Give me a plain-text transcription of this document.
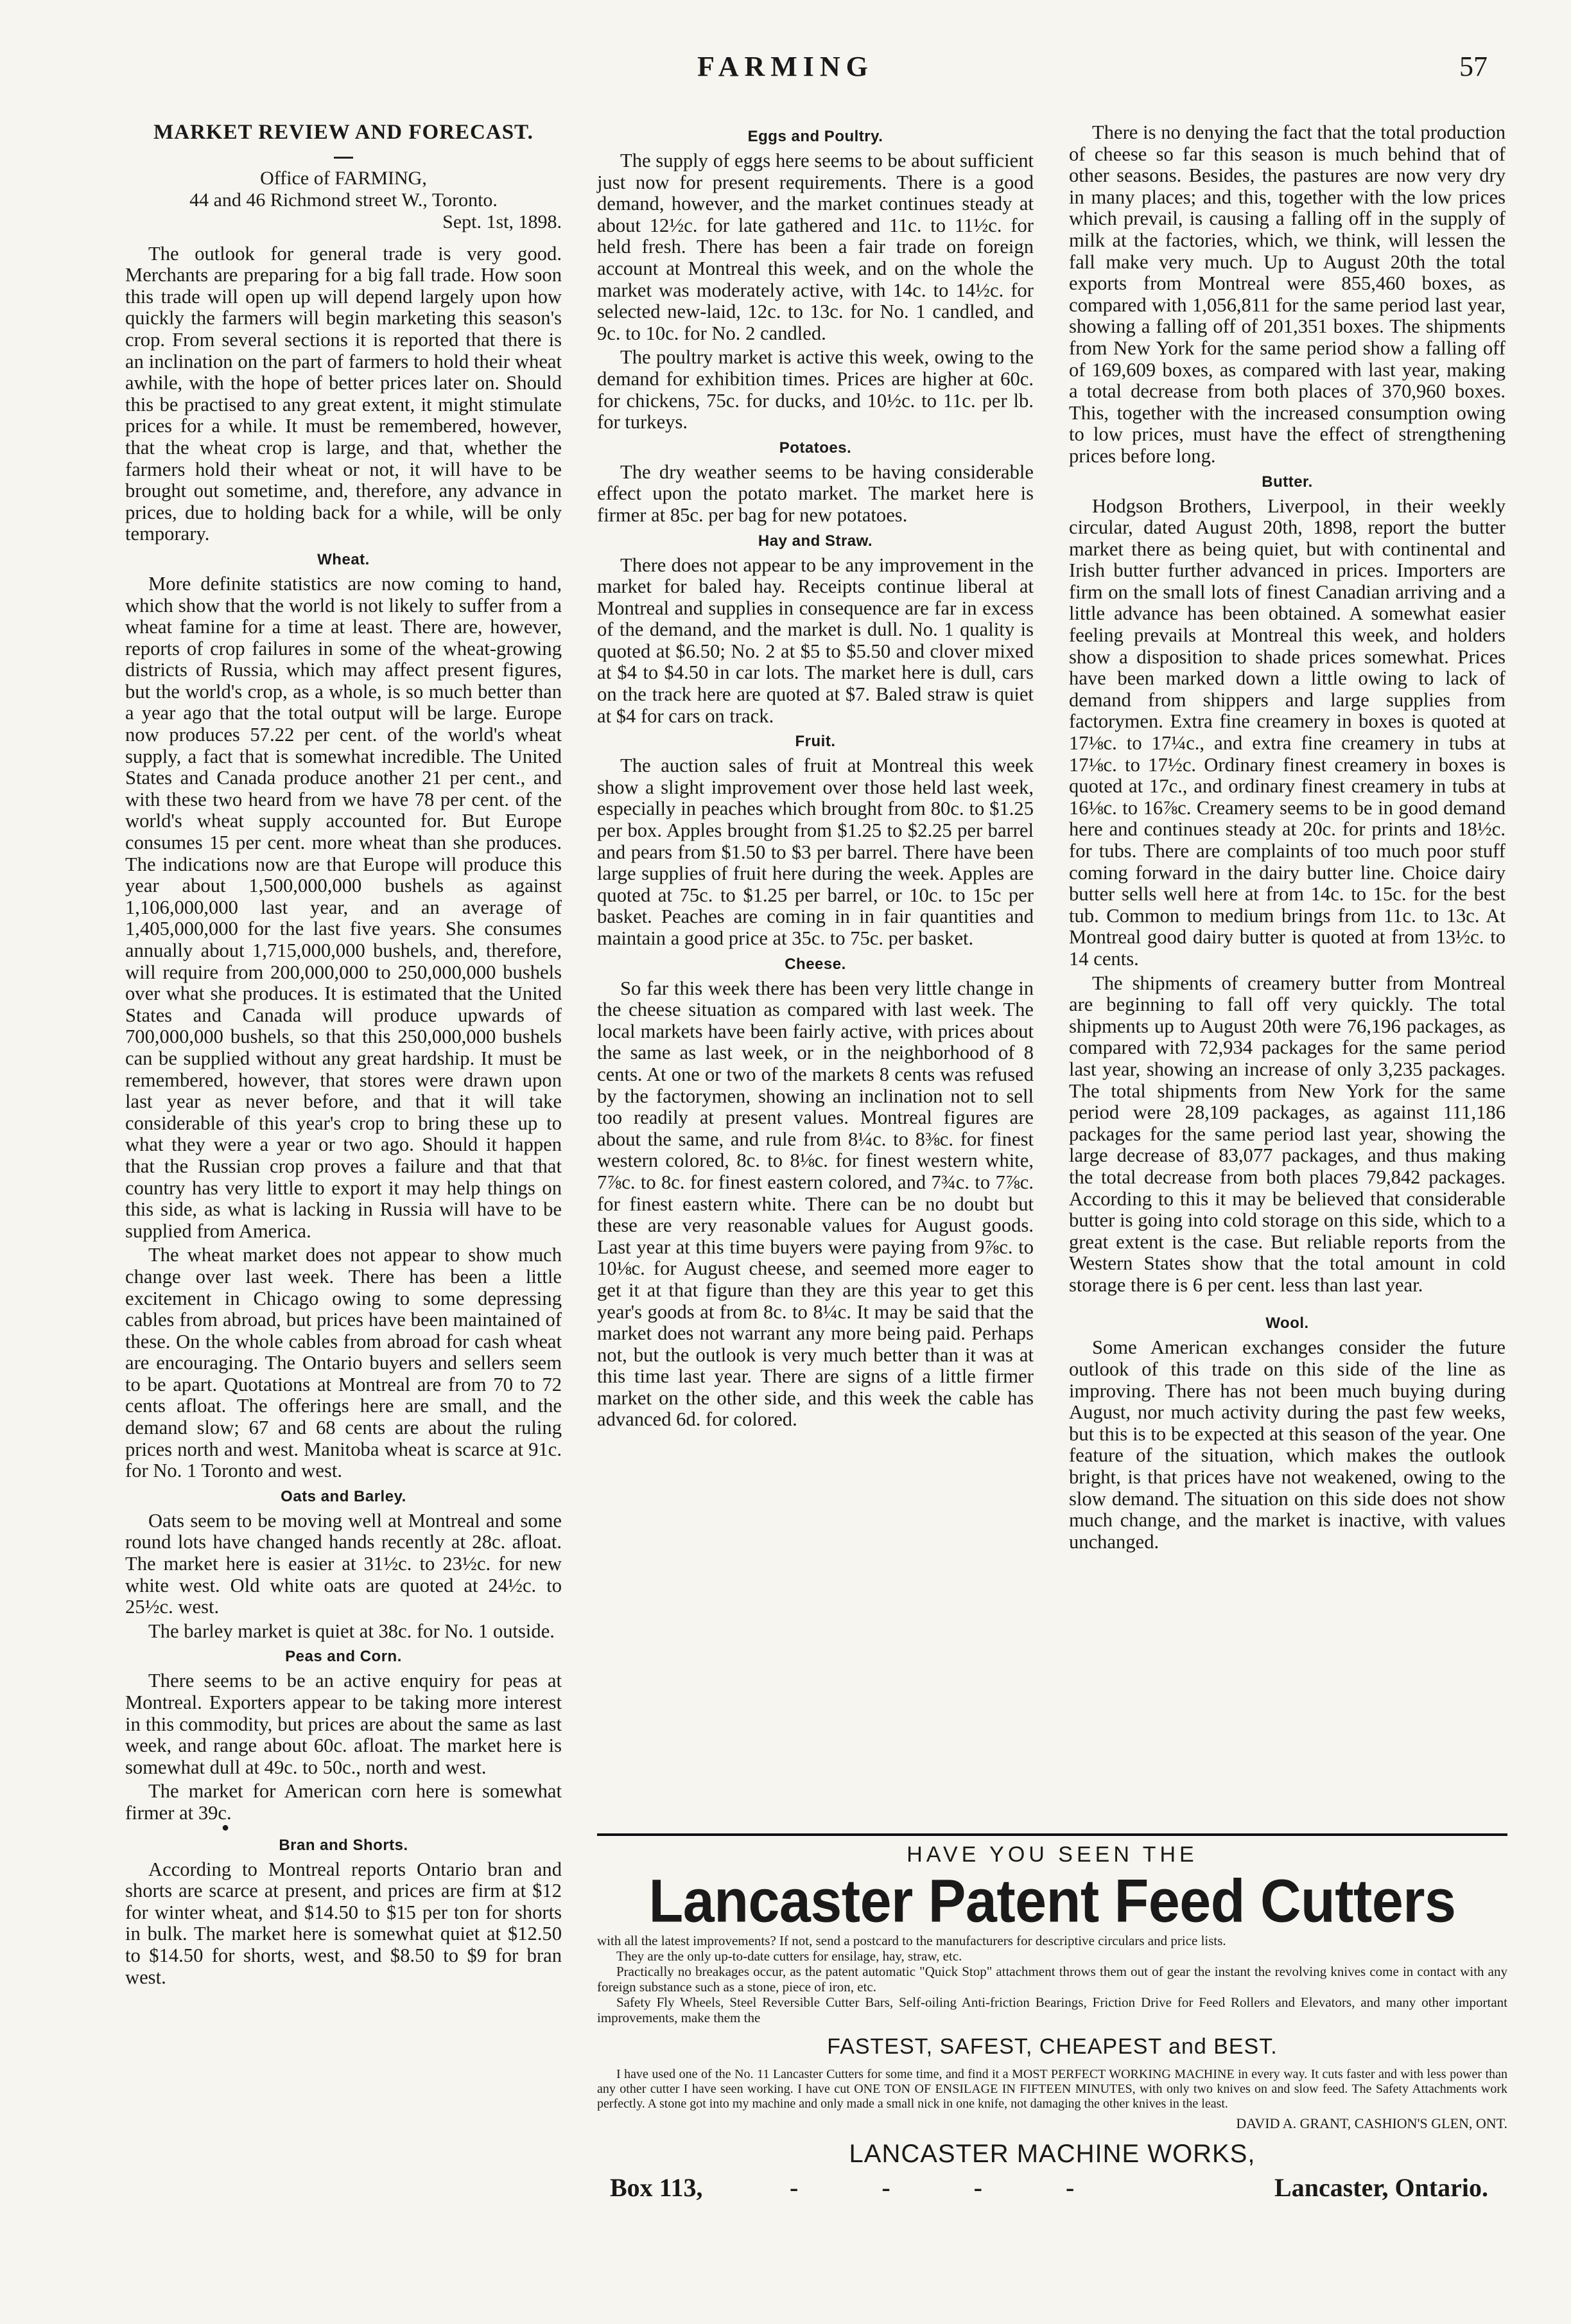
FARMING	57
MARKET REVIEW AND FORECAST.
Office of FARMING,
44 and 46 Richmond street W., Toronto.
Sept. 1st, 1898.

The outlook for general trade is very good. Merchants are preparing for a big fall trade. How soon this trade will open up will depend largely upon how quickly the farmers will begin marketing this season's crop. From several sections it is reported that there is an inclination on the part of farmers to hold their wheat awhile, with the hope of better prices later on. Should this be practised to any great extent, it might stimulate prices for a while. It must be remembered, however, that the wheat crop is large, and that, whether the farmers hold their wheat or not, it will have to be brought out sometime, and, therefore, any advance in prices, due to holding back for a while, will be only temporary.

Wheat.

More definite statistics are now coming to hand, which show that the world is not likely to suffer from a wheat famine for a time at least. There are, however, reports of crop failures in some of the wheat-growing districts of Russia, which may affect present figures, but the world's crop, as a whole, is so much better than a year ago that the total output will be large. Europe now produces 57.22 per cent. of the world's wheat supply, a fact that is somewhat incredible. The United States and Canada produce another 21 per cent., and with these two heard from we have 78 per cent. of the world's wheat supply accounted for. But Europe consumes 15 per cent. more wheat than she produces. The indications now are that Europe will produce this year about 1,500,000,000 bushels as against 1,106,000,000 last year, and an average of 1,405,000,000 for the last five years. She consumes annually about 1,715,000,000 bushels, and, therefore, will require from 200,000,000 to 250,000,000 bushels over what she produces. It is estimated that the United States and Canada will produce upwards of 700,000,000 bushels, so that this 250,000,000 bushels can be supplied without any great hardship. It must be remembered, however, that stores were drawn upon last year as never before, and that it will take considerable of this year's crop to bring these up to what they were a year or two ago. Should it happen that the Russian crop proves a failure and that that country has very little to export it may help things on this side, as what is lacking in Russia will have to be supplied from America.

The wheat market does not appear to show much change over last week. There has been a little excitement in Chicago owing to some depressing cables from abroad, but prices have been maintained of these. On the whole cables from abroad for cash wheat are encouraging. The Ontario buyers and sellers seem to be apart. Quotations at Montreal are from 70 to 72 cents afloat. The offerings here are small, and the demand slow; 67 and 68 cents are about the ruling prices north and west. Manitoba wheat is scarce at 91c. for No. 1 Toronto and west.

Oats and Barley.

Oats seem to be moving well at Montreal and some round lots have changed hands recently at 28c. afloat. The market here is easier at 31½c. to 23½c. for new white west. Old white oats are quoted at 24½c. to 25½c. west.

The barley market is quiet at 38c. for No. 1 outside.

Peas and Corn.

There seems to be an active enquiry for peas at Montreal. Exporters appear to be taking more interest in this commodity, but prices are about the same as last week, and range about 60c. afloat. The market here is somewhat dull at 49c. to 50c., north and west.

The market for American corn here is somewhat firmer at 39c.

●
Bran and Shorts.

According to Montreal reports Ontario bran and shorts are scarce at present, and prices are firm at $12 for winter wheat, and $14.50 to $15 per ton for shorts in bulk. The market here is somewhat quiet at $12.50 to $14.50 for shorts, west, and $8.50 to $9 for bran west.

Eggs and Poultry.

The supply of eggs here seems to be about sufficient just now for present requirements. There is a good demand, however, and the market continues steady at about 12½c. for late gathered and 11c. to 11½c. for held fresh. There has been a fair trade on foreign account at Montreal this week, and on the whole the market was moderately active, with 14c. to 14½c. for selected new-laid, 12c. to 13c. for No. 1 candled, and 9c. to 10c. for No. 2 candled.

The poultry market is active this week, owing to the demand for exhibition times. Prices are higher at 60c. for chickens, 75c. for ducks, and 10½c. to 11c. per lb. for turkeys.

Potatoes.

The dry weather seems to be having considerable effect upon the potato market. The market here is firmer at 85c. per bag for new potatoes.

Hay and Straw.

There does not appear to be any improvement in the market for baled hay. Receipts continue liberal at Montreal and supplies in consequence are far in excess of the demand, and the market is dull. No. 1 quality is quoted at $6.50; No. 2 at $5 to $5.50 and clover mixed at $4 to $4.50 in car lots. The market here is dull, cars on the track here are quoted at $7. Baled straw is quiet at $4 for cars on track.

Fruit.

The auction sales of fruit at Montreal this week show a slight improvement over those held last week, especially in peaches which brought from 80c. to $1.25 per box. Apples brought from $1.25 to $2.25 per barrel and pears from $1.50 to $3 per barrel. There have been large supplies of fruit here during the week. Apples are quoted at 75c. to $1.25 per barrel, or 10c. to 15c per basket. Peaches are coming in in fair quantities and maintain a good price at 35c. to 75c. per basket.

Cheese.

So far this week there has been very little change in the cheese situation as compared with last week. The local markets have been fairly active, with prices about the same as last week, or in the neighborhood of 8 cents. At one or two of the markets 8 cents was refused by the factorymen, showing an inclination not to sell too readily at present values. Montreal figures are about the same, and rule from 8¼c. to 8⅜c. for finest western colored, 8c. to 8⅛c. for finest western white, 7⅞c. to 8c. for finest eastern colored, and 7¾c. to 7⅞c. for finest eastern white. There can be no doubt but these are very reasonable values for August goods. Last year at this time buyers were paying from 9⅞c. to 10⅛c. for August cheese, and seemed more eager to get it at that figure than they are this year to get this year's goods at from 8c. to 8¼c. It may be said that the market does not warrant any more being paid. Perhaps not, but the outlook is very much better than it was at this time last year. There are signs of a little firmer market on the other side, and this week the cable has advanced 6d. for colored.

There is no denying the fact that the total production of cheese so far this season is much behind that of other seasons. Besides, the pastures are now very dry in many places; and this, together with the low prices which prevail, is causing a falling off in the supply of milk at the factories, which, we think, will lessen the fall make very much. Up to August 20th the total exports from Montreal were 855,460 boxes, as compared with 1,056,811 for the same period last year, showing a falling off of 201,351 boxes. The shipments from New York for the same period show a falling off of 169,609 boxes, as compared with last year, making a total decrease from both places of 370,960 boxes. This, together with the increased consumption owing to low prices, must have the effect of strengthening prices before long.

Butter.

Hodgson Brothers, Liverpool, in their weekly circular, dated August 20th, 1898, report the butter market there as being quiet, but with continental and Irish butter further advanced in prices. Importers are firm on the small lots of finest Canadian arriving and a little advance has been obtained. A somewhat easier feeling prevails at Montreal this week, and holders show a disposition to shade prices somewhat. Prices have been marked down a little owing to lack of demand from shippers and large supplies from factorymen. Extra fine creamery in boxes is quoted at 17⅛c. to 17¼c., and extra fine creamery in tubs at 17⅛c. to 17½c. Ordinary finest creamery in boxes is quoted at 17c., and ordinary finest creamery in tubs at 16⅛c. to 16⅞c. Creamery seems to be in good demand here and continues steady at 20c. for prints and 18½c. for tubs. There are complaints of too much poor stuff coming forward in the dairy butter line. Choice dairy butter sells well here at from 14c. to 15c. for the best tub. Common to medium brings from 11c. to 13c. At Montreal good dairy butter is quoted at from 13½c. to 14 cents.

The shipments of creamery butter from Montreal are beginning to fall off very quickly. The total shipments up to August 20th were 76,196 packages, as compared with 72,934 packages for the same period last year, showing an increase of only 3,235 packages. The total shipments from New York for the same period were 28,109 packages, as against 111,186 packages for the same period last year, showing the large decrease of 83,077 packages, and thus making the total decrease from both places 79,842 packages. According to this it may be believed that considerable butter is going into cold storage on this side, which to a great extent is the case. But reliable reports from the Western States show that the total amount in cold storage there is 6 per cent. less than last year.

Wool.

Some American exchanges consider the future outlook of this trade on this side of the line as improving. There has not been much buying during August, nor much activity during the past few weeks, but this is to be expected at this season of the year. One feature of the situation, which makes the outlook bright, is that prices have not weakened, owing to the slow demand. The situation on this side does not show much change, and the market is inactive, with values unchanged.

HAVE YOU SEEN THE
Lancaster Patent Feed Cutters
with all the latest improvements? If not, send a postcard to the manufacturers for descriptive circulars and price lists.
They are the only up-to-date cutters for ensilage, hay, straw, etc.
Practically no breakages occur, as the patent automatic "Quick Stop" attachment throws them out of gear the instant the revolving knives come in contact with any foreign substance such as a stone, piece of iron, etc.
Safety Fly Wheels, Steel Reversible Cutter Bars, Self-oiling Anti-friction Bearings, Friction Drive for Feed Rollers and Elevators, and many other important improvements, make them the
FASTEST, SAFEST, CHEAPEST and BEST.
I have used one of the No. 11 Lancaster Cutters for some time, and find it a MOST PERFECT WORKING MACHINE in every way. It cuts faster and with less power than any other cutter I have seen working. I have cut ONE TON OF ENSILAGE IN FIFTEEN MINUTES, with only two knives on and slow feed. The Safety Attachments work perfectly. A stone got into my machine and only made a small nick in one knife, not damaging the other knives in the least.
DAVID A. GRANT, CASHION'S GLEN, ONT.
LANCASTER MACHINE WORKS,
Box 113,	- - - -	Lancaster, Ontario.
